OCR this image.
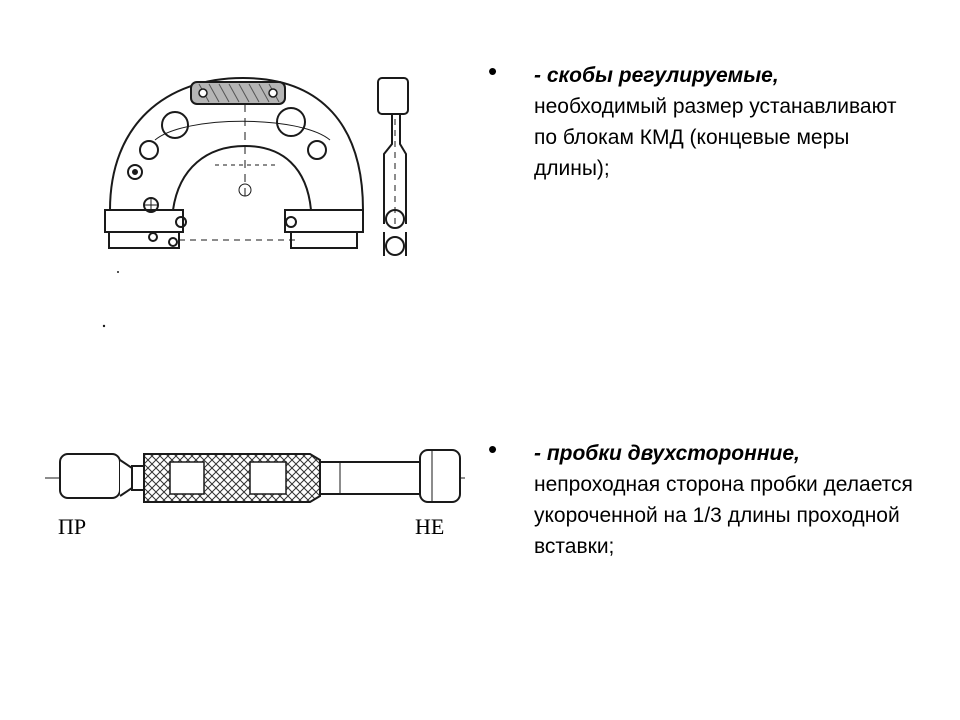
ПР	НЕ
• - скобы регулируемые,
необходимый размер устанавливают по блокам КМД (концевые меры длины);
• - пробки двухсторонние,
непроходная сторона пробки делается укороченной на 1/3 длины проходной вставки;
